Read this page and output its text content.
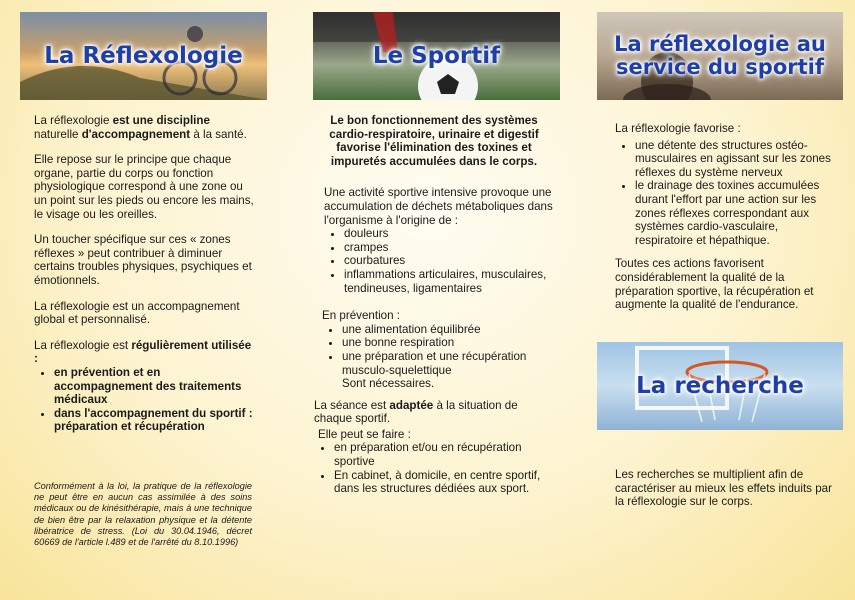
La Réflexologie

La réflexologie est une discipline naturelle d'accompagnement à la santé.

Elle repose sur le principe que chaque organe, partie du corps ou fonction physiologique correspond à une zone ou un point sur les pieds ou encore les mains, le visage ou les oreilles.

Un toucher spécifique sur ces « zones réflexes » peut contribuer à diminuer certains troubles physiques, psychiques et émotionnels.

La réflexologie est un accompagnement global et personnalisé.

La réflexologie est régulièrement utilisée :

• en prévention et en accompagnement des traitements médicaux
• dans l'accompagnement du sportif : préparation et récupération
Conformément à la loi, la pratique de la réflexologie ne peut être en aucun cas assimilée à des soins médicaux ou de kinésithérapie, mais à une technique de bien être par la relaxation physique et la détente libératrice de stress. (Loi du 30.04.1946, décret 60669 de l'article l.489 et de l'arrêté du 8.10.1996)
Le Sportif

Le bon fonctionnement des systèmes cardio-respiratoire, urinaire et digestif favorise l'élimination des toxines et impuretés accumulées dans le corps.

Une activité sportive intensive provoque une accumulation de déchets métaboliques dans l'organisme à l'origine de :

• douleurs
• crampes
• courbatures
• inflammations articulaires, musculaires, tendineuses, ligamentaires

En prévention :

• une alimentation équilibrée
• une bonne respiration
• une préparation et une récupération musculo-squelettique

Sont nécessaires.

La séance est adaptée à la situation de chaque sportif.

Elle peut se faire :

• en préparation et/ou en récupération sportive
• En cabinet, à domicile, en centre sportif, dans les structures dédiées aux sport.
La réflexologie au service du sportif

La réflexologie favorise :

• une détente des structures ostéo-musculaires en agissant sur les zones réflexes du système nerveux
• le drainage des toxines accumulées durant l'effort par une action sur les zones réflexes correspondant aux systèmes cardio-vasculaire, respiratoire et hépathique.

Toutes ces actions favorisent considérablement la qualité de la préparation sportive, la récupération et augmente la qualité de l'endurance.

La recherche

Les recherches se multiplient afin de caractériser au mieux les effets induits par la réflexologie sur le corps.
